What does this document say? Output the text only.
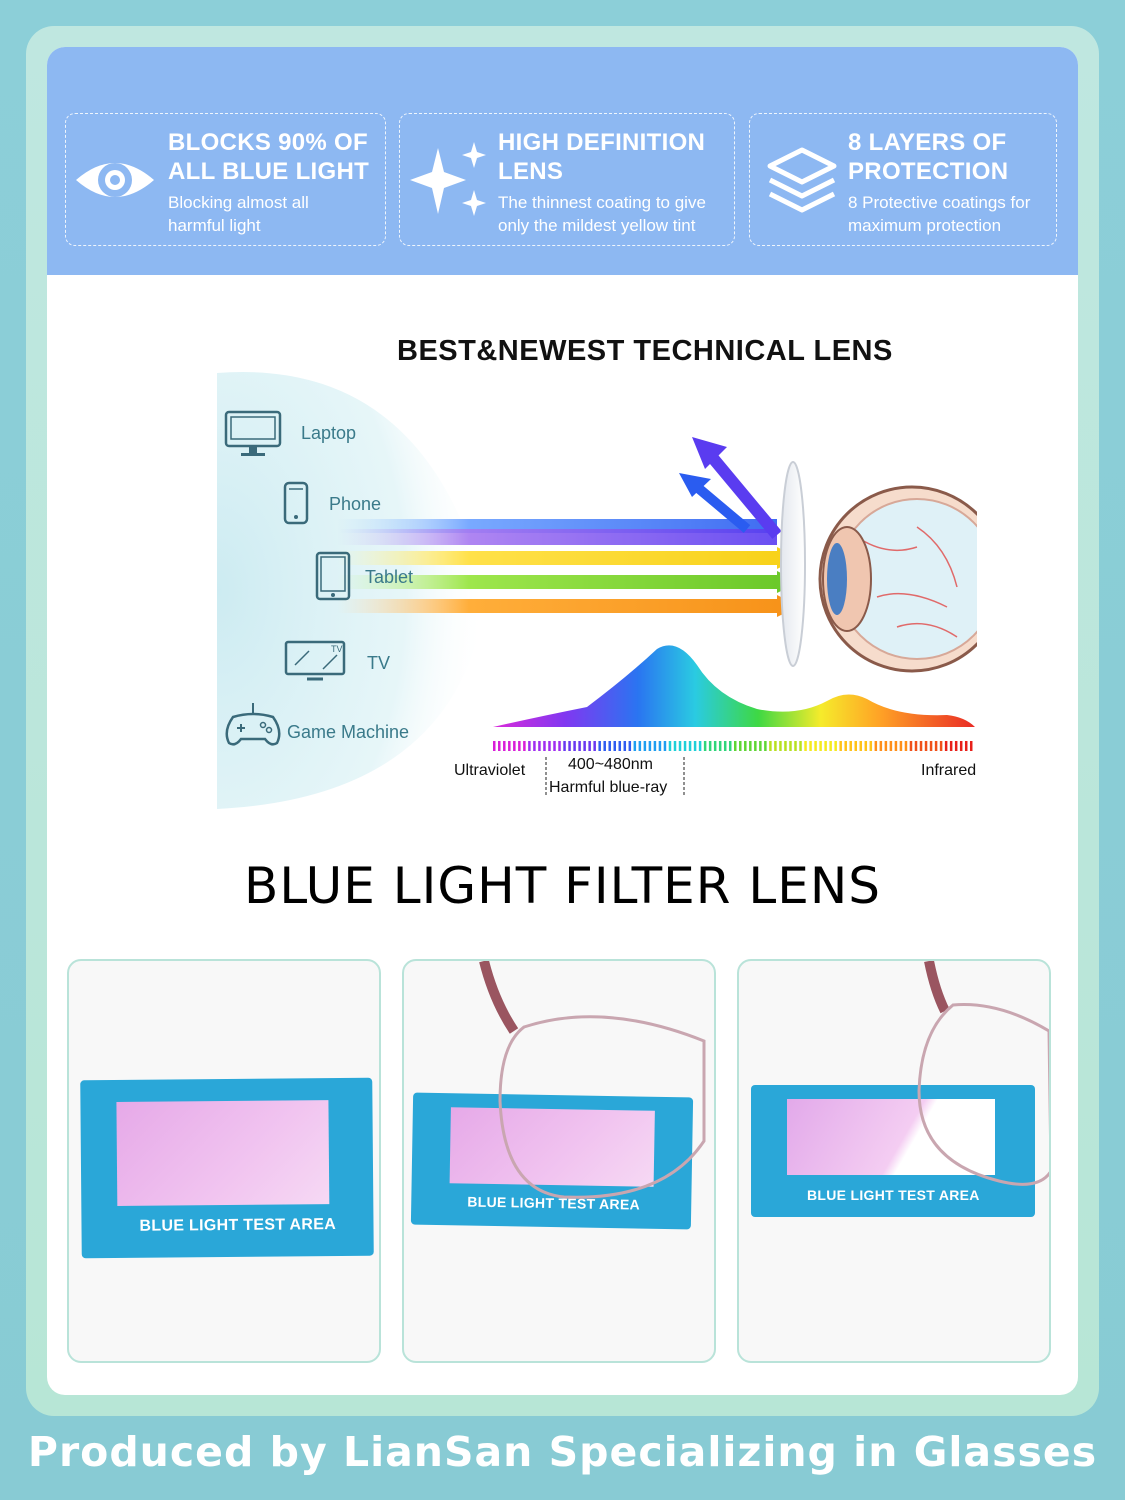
BLOCKS 90% OF
ALL BLUE LIGHT
Blocking almost all
harmful light
HIGH DEFINITION
LENS
The thinnest coating to give
only the mildest yellow tint
8 LAYERS OF
PROTECTION
8 Protective coatings for
maximum protection
BEST&NEWEST TECHNICAL LENS
Laptop
Phone
Tablet
TV
TV
Game Machine
Ultraviolet	400~480nm
Harmful blue-ray
Infrared
BLUE LIGHT FILTER LENS
BLUE LIGHT TEST AREA
BLUE LIGHT TEST AREA	BLUE LIGHT TEST AREA
Produced by LianSan Specializing in Glasses
